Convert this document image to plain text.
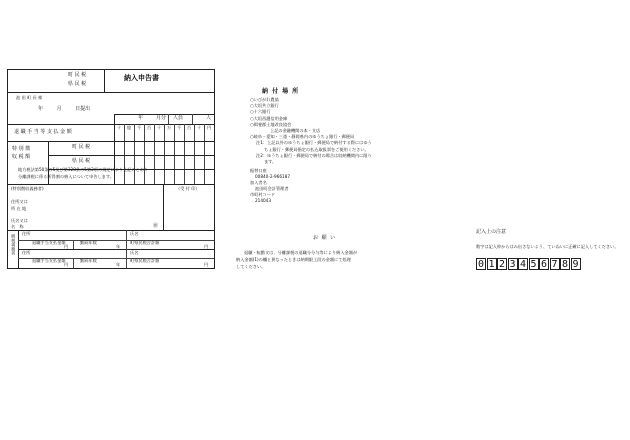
町 民 税
県 民 税
納入申告書
池 田 町 長 様
年 月 日提出
年	月分 人員	人
退 職 手 当 等 支 払 金 額
十 億 千 百 十 万 千 百 十 円
特 別 徴
収 税 額
町 民 税
県 民 税
地方税法第50条の5及び第328条の5第2項の規定により上記のとおり
分離課税に係る所得割の納入について申告します。
(特別徴収義務者)	（受 付 印）
住所又は
所 在 地
氏名又は
名　称	㊞
納税義務者
住所	氏名
退職手当支払金額	勤続年数	町県民税合計額
円	年	円
住所	氏名
退職手当支払金額	勤続年数	町県民税合計額
円	年	円
納 付 場 所
○いびがわ農協
○大垣共立銀行
○十六銀行
○大垣西濃信用金庫
○揖斐郡土地改良協会
上記の金融機関の本・支店
○岐阜・愛知・三重・静岡県内のゆうちょ銀行・郵便局
注1：上記以外のゆうちょ銀行・郵便局で納付する際にはゆう
ちょ銀行・郵便局指定の払込取扱票をご使用ください。
注2：ゆうちょ銀行・郵便局で納付の場合は収納機関内に限り
ます。
振替口座
00840-2-966187
加入者名
池田町会計管理者
市町村コード
214043
お 願 い
退職・転勤又は、分離課税の退職分分与等により納入金額が
納入金額(1)の欄と異なったときは納期限上段の金額にて処理
してください。
記入上の注意
数字は記入枠からはみ出さないよう、ていねいに正確に記入してください。
0 1 2 3 4 5 6 7 8 9
